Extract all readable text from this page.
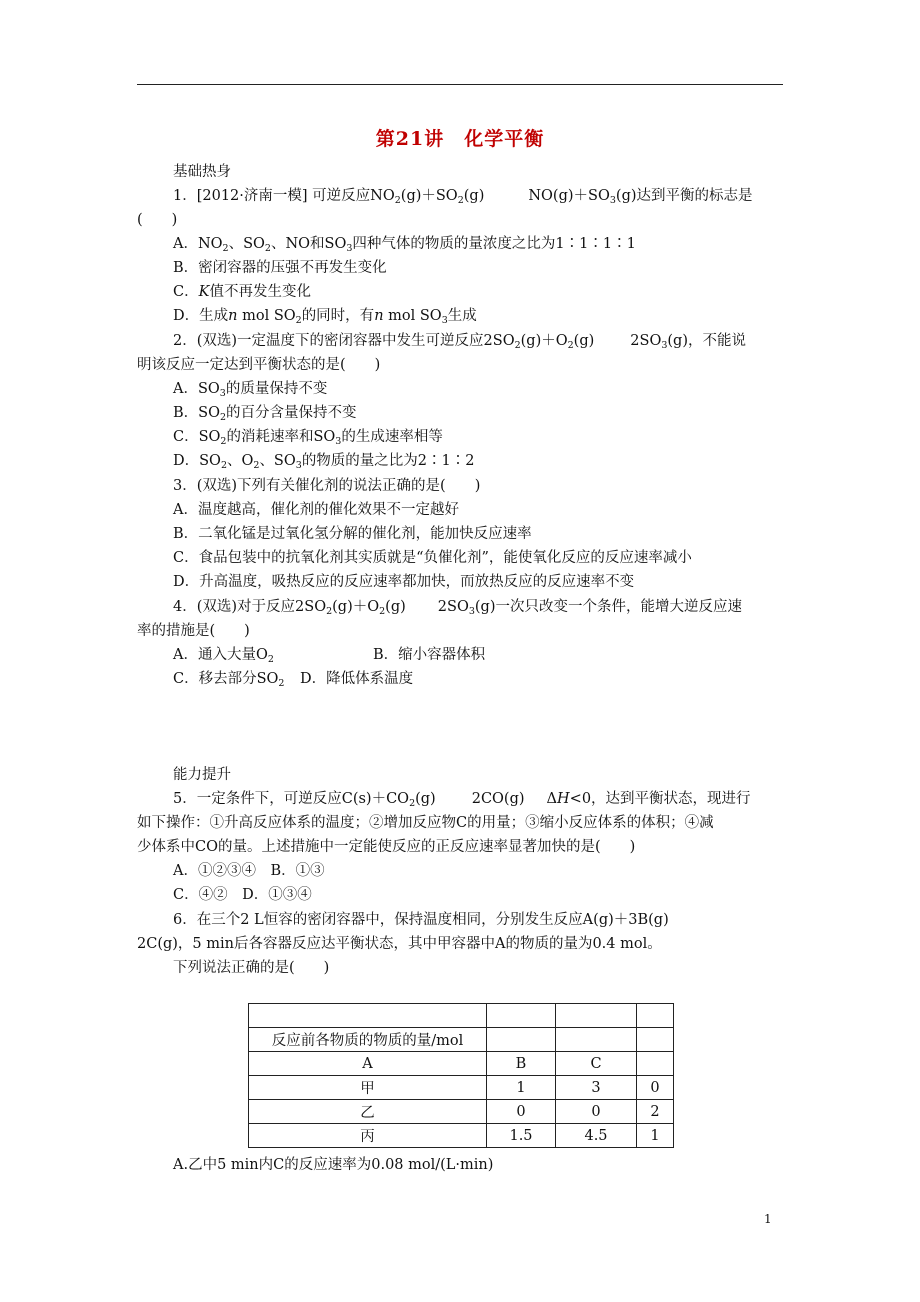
第21讲　化学平衡
基础热身
1．[2012·济南一模] 可逆反应$NO_2(g)+SO_2(g)$	$NO(g)+SO_3(g)$达到平衡的标志是
(　　)
A．$NO_2$、$SO_2$、NO和$SO_3$四种气体的物质的量浓度之比为1∶1∶1∶1
B．密闭容器的压强不再发生变化
C．K值不再发生变化
D．生成n mol $SO_2$的同时，有n mol $SO_3$生成
2．(双选)一定温度下的密闭容器中发生可逆反应$2SO_2(g)+O_2(g)$ $2SO_3(g)$，不能说
明该反应一定达到平衡状态的是(　　)
A．$SO_3$的质量保持不变
B．$SO_2$的百分含量保持不变
C．$SO_2$的消耗速率和$SO_3$的生成速率相等
D．$SO_2$、$O_2$、$SO_3$的物质的量之比为2∶1∶2
3．(双选)下列有关催化剂的说法正确的是(　　)
A．温度越高，催化剂的催化效果不一定越好
B．二氧化锰是过氧化氢分解的催化剂，能加快反应速率
C．食品包装中的抗氧化剂其实质就是“负催化剂”，能使氧化反应的反应速率减小
D．升高温度，吸热反应的反应速率都加快，而放热反应的反应速率不变
4．(双选)对于反应$2SO_2(g)+O_2(g)$ $2SO_3(g)$一次只改变一个条件，能增大逆反应速
率的措施是(　　)
A．通入大量$O_2$	B．缩小容器体积
C．移去部分$SO_2$ D．降低体系温度
能力提升
5．一定条件下，可逆反应$C(s)+CO_2(g)$ 2CO(g) ΔH<0，达到平衡状态，现进行
如下操作：①升高反应体系的温度；②增加反应物C的用量；③缩小反应体系的体积；④减
少体系中CO的量。上述措施中一定能使反应的正反应速率显著加快的是(　　)
A．①②③④　B．①③
C．④②　D．①③④
6．在三个2 L恒容的密闭容器中，保持温度相同，分别发生反应A(g)＋3B(g)
2C(g)，5 min后各容器反应达平衡状态，其中甲容器中A的物质的量为0.4 mol。
下列说法正确的是(　　)

反应前各物质的物质的量/mol			
A	B	C	
甲	1	3	0
乙	0	0	2
丙	1.5	4.5	1
A.乙中5 min内C的反应速率为0.08 mol/(L·min)
1
